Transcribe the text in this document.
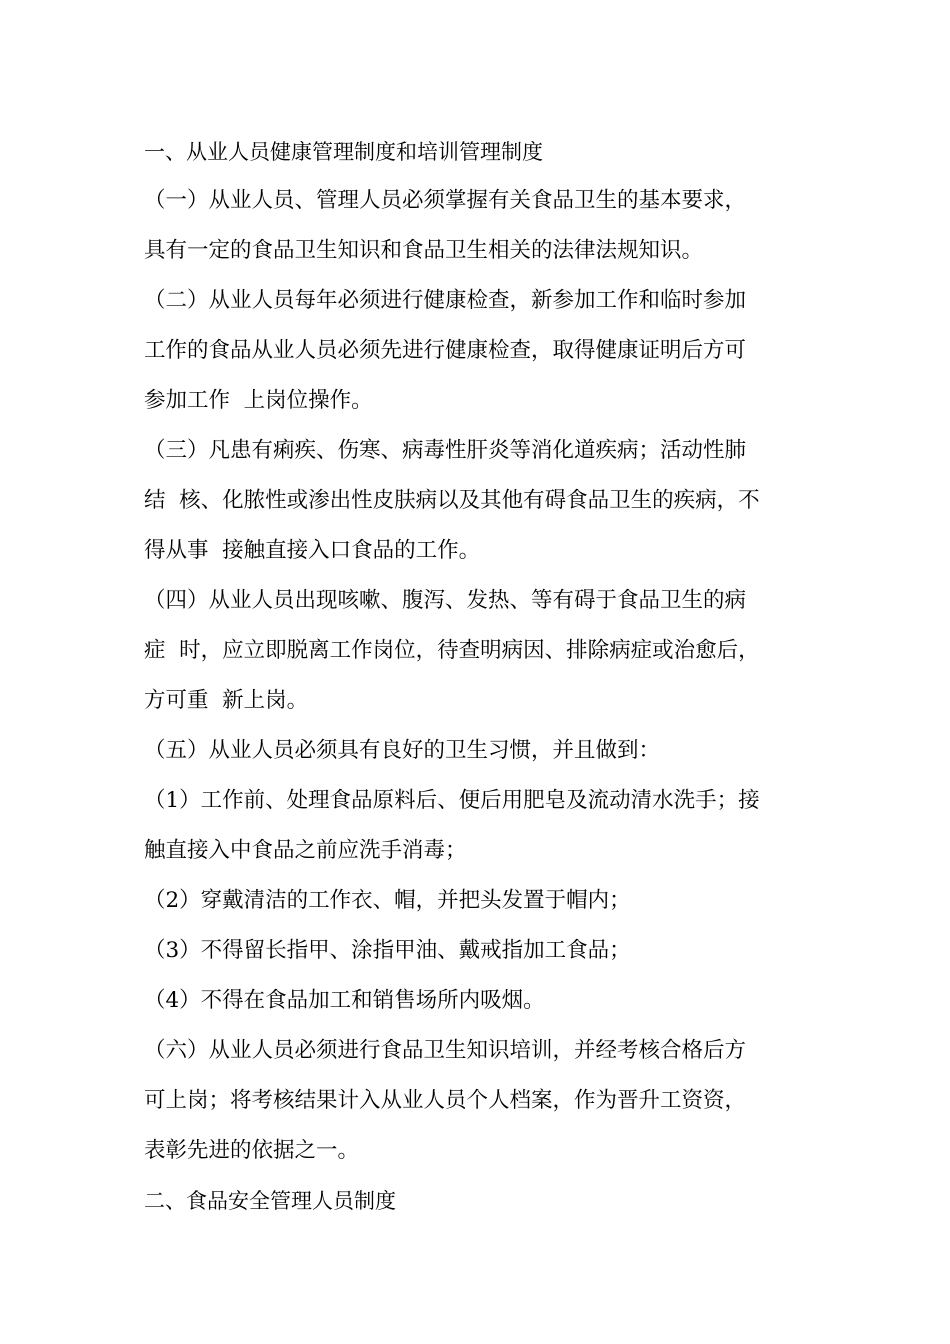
一、从业人员健康管理制度和培训管理制度
（一）从业人员、管理人员必须掌握有关食品卫生的基本要求，
具有一定的食品卫生知识和食品卫生相关的法律法规知识。
（二）从业人员每年必须进行健康检查，新参加工作和临时参加
工作的食品从业人员必须先进行健康检查，取得健康证明后方可
参加工作  上岗位操作。
（三）凡患有痢疾、伤寒、病毒性肝炎等消化道疾病；活动性肺
结  核、化脓性或渗出性皮肤病以及其他有碍食品卫生的疾病，不
得从事  接触直接入口食品的工作。
（四）从业人员出现咳嗽、腹泻、发热、等有碍于食品卫生的病
症  时，应立即脱离工作岗位，待查明病因、排除病症或治愈后，
方可重  新上岗。
（五）从业人员必须具有良好的卫生习惯，并且做到：
（1）工作前、处理食品原料后、便后用肥皂及流动清水洗手；接
触直接入中食品之前应洗手消毒；
（2）穿戴清洁的工作衣、帽，并把头发置于帽内；
（3）不得留长指甲、涂指甲油、戴戒指加工食品；
（4）不得在食品加工和销售场所内吸烟。
（六）从业人员必须进行食品卫生知识培训，并经考核合格后方
可上岗；将考核结果计入从业人员个人档案，作为晋升工资资，
表彰先进的依据之一。
二、食品安全管理人员制度
